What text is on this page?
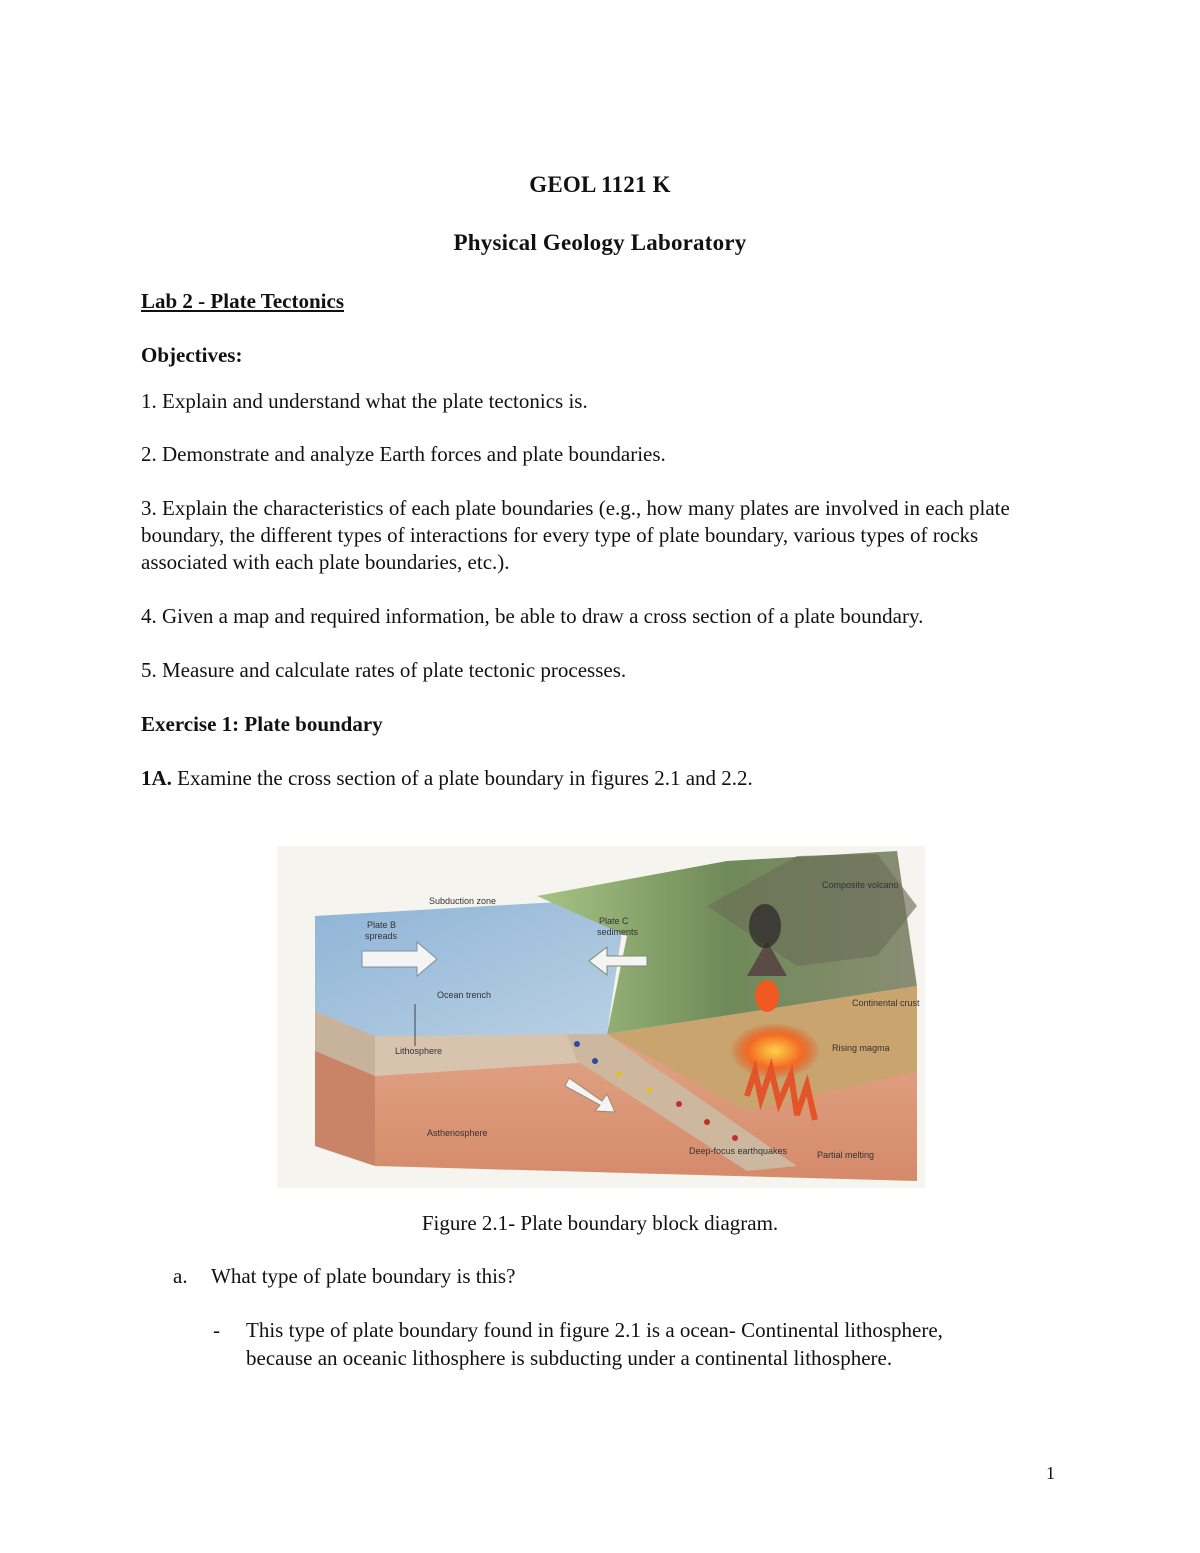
GEOL 1121 K
Physical Geology Laboratory
Lab 2 - Plate Tectonics
Objectives:
1. Explain and understand what the plate tectonics is.
2. Demonstrate and analyze Earth forces and plate boundaries.
3. Explain the characteristics of each plate boundaries (e.g., how many plates are involved in each plate boundary, the different types of interactions for every type of plate boundary, various types of rocks associated with each plate boundaries, etc.).
4. Given a map and required information, be able to draw a cross section of a plate boundary.
5. Measure and calculate rates of plate tectonic processes.
Exercise 1: Plate boundary
1A. Examine the cross section of a plate boundary in figures 2.1 and 2.2.
Composite volcano
Subduction zone
Plate B
spreads
Plate C
sediments
Ocean trench
Continental crust
Lithosphere	Rising magma
Asthenosphere
Deep-focus earthquakes	Partial melting
Figure 2.1- Plate boundary block diagram.
a. What type of plate boundary is this?
- This type of plate boundary found in figure 2.1 is a ocean- Continental lithosphere,
because an oceanic lithosphere is subducting under a continental lithosphere.
1
